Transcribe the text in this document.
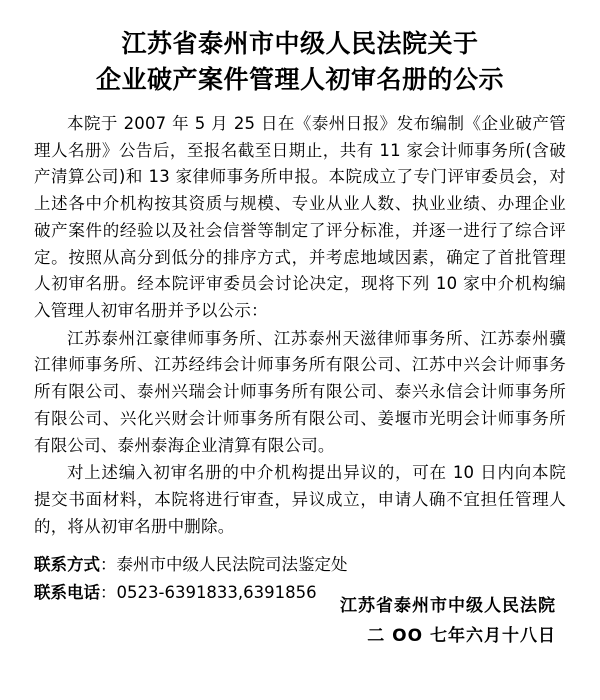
江苏省泰州市中级人民法院关于
企业破产案件管理人初审名册的公示

本院于 2007 年 5 月 25 日在《泰州日报》发布编制《企业破产管理人名册》公告后，至报名截至日期止，共有 11 家会计师事务所(含破产清算公司)和 13 家律师事务所申报。本院成立了专门评审委员会，对上述各中介机构按其资质与规模、专业从业人数、执业业绩、办理企业破产案件的经验以及社会信誉等制定了评分标准，并逐一进行了综合评定。按照从高分到低分的排序方式，并考虑地域因素，确定了首批管理人初审名册。经本院评审委员会讨论决定，现将下列 10 家中介机构编入管理人初审名册并予以公示：

江苏泰州江豪律师事务所、江苏泰州天滋律师事务所、江苏泰州骥江律师事务所、江苏经纬会计师事务所有限公司、江苏中兴会计师事务所有限公司、泰州兴瑞会计师事务所有限公司、泰兴永信会计师事务所有限公司、兴化兴财会计师事务所有限公司、姜堰市光明会计师事务所有限公司、泰州泰海企业清算有限公司。

对上述编入初审名册的中介机构提出异议的，可在 10 日内向本院提交书面材料，本院将进行审查，异议成立，申请人确不宜担任管理人的，将从初审名册中删除。

联系方式：泰州市中级人民法院司法鉴定处
联系电话：0523-6391833,6391856
江苏省泰州市中级人民法院
二 OO 七年六月十八日
